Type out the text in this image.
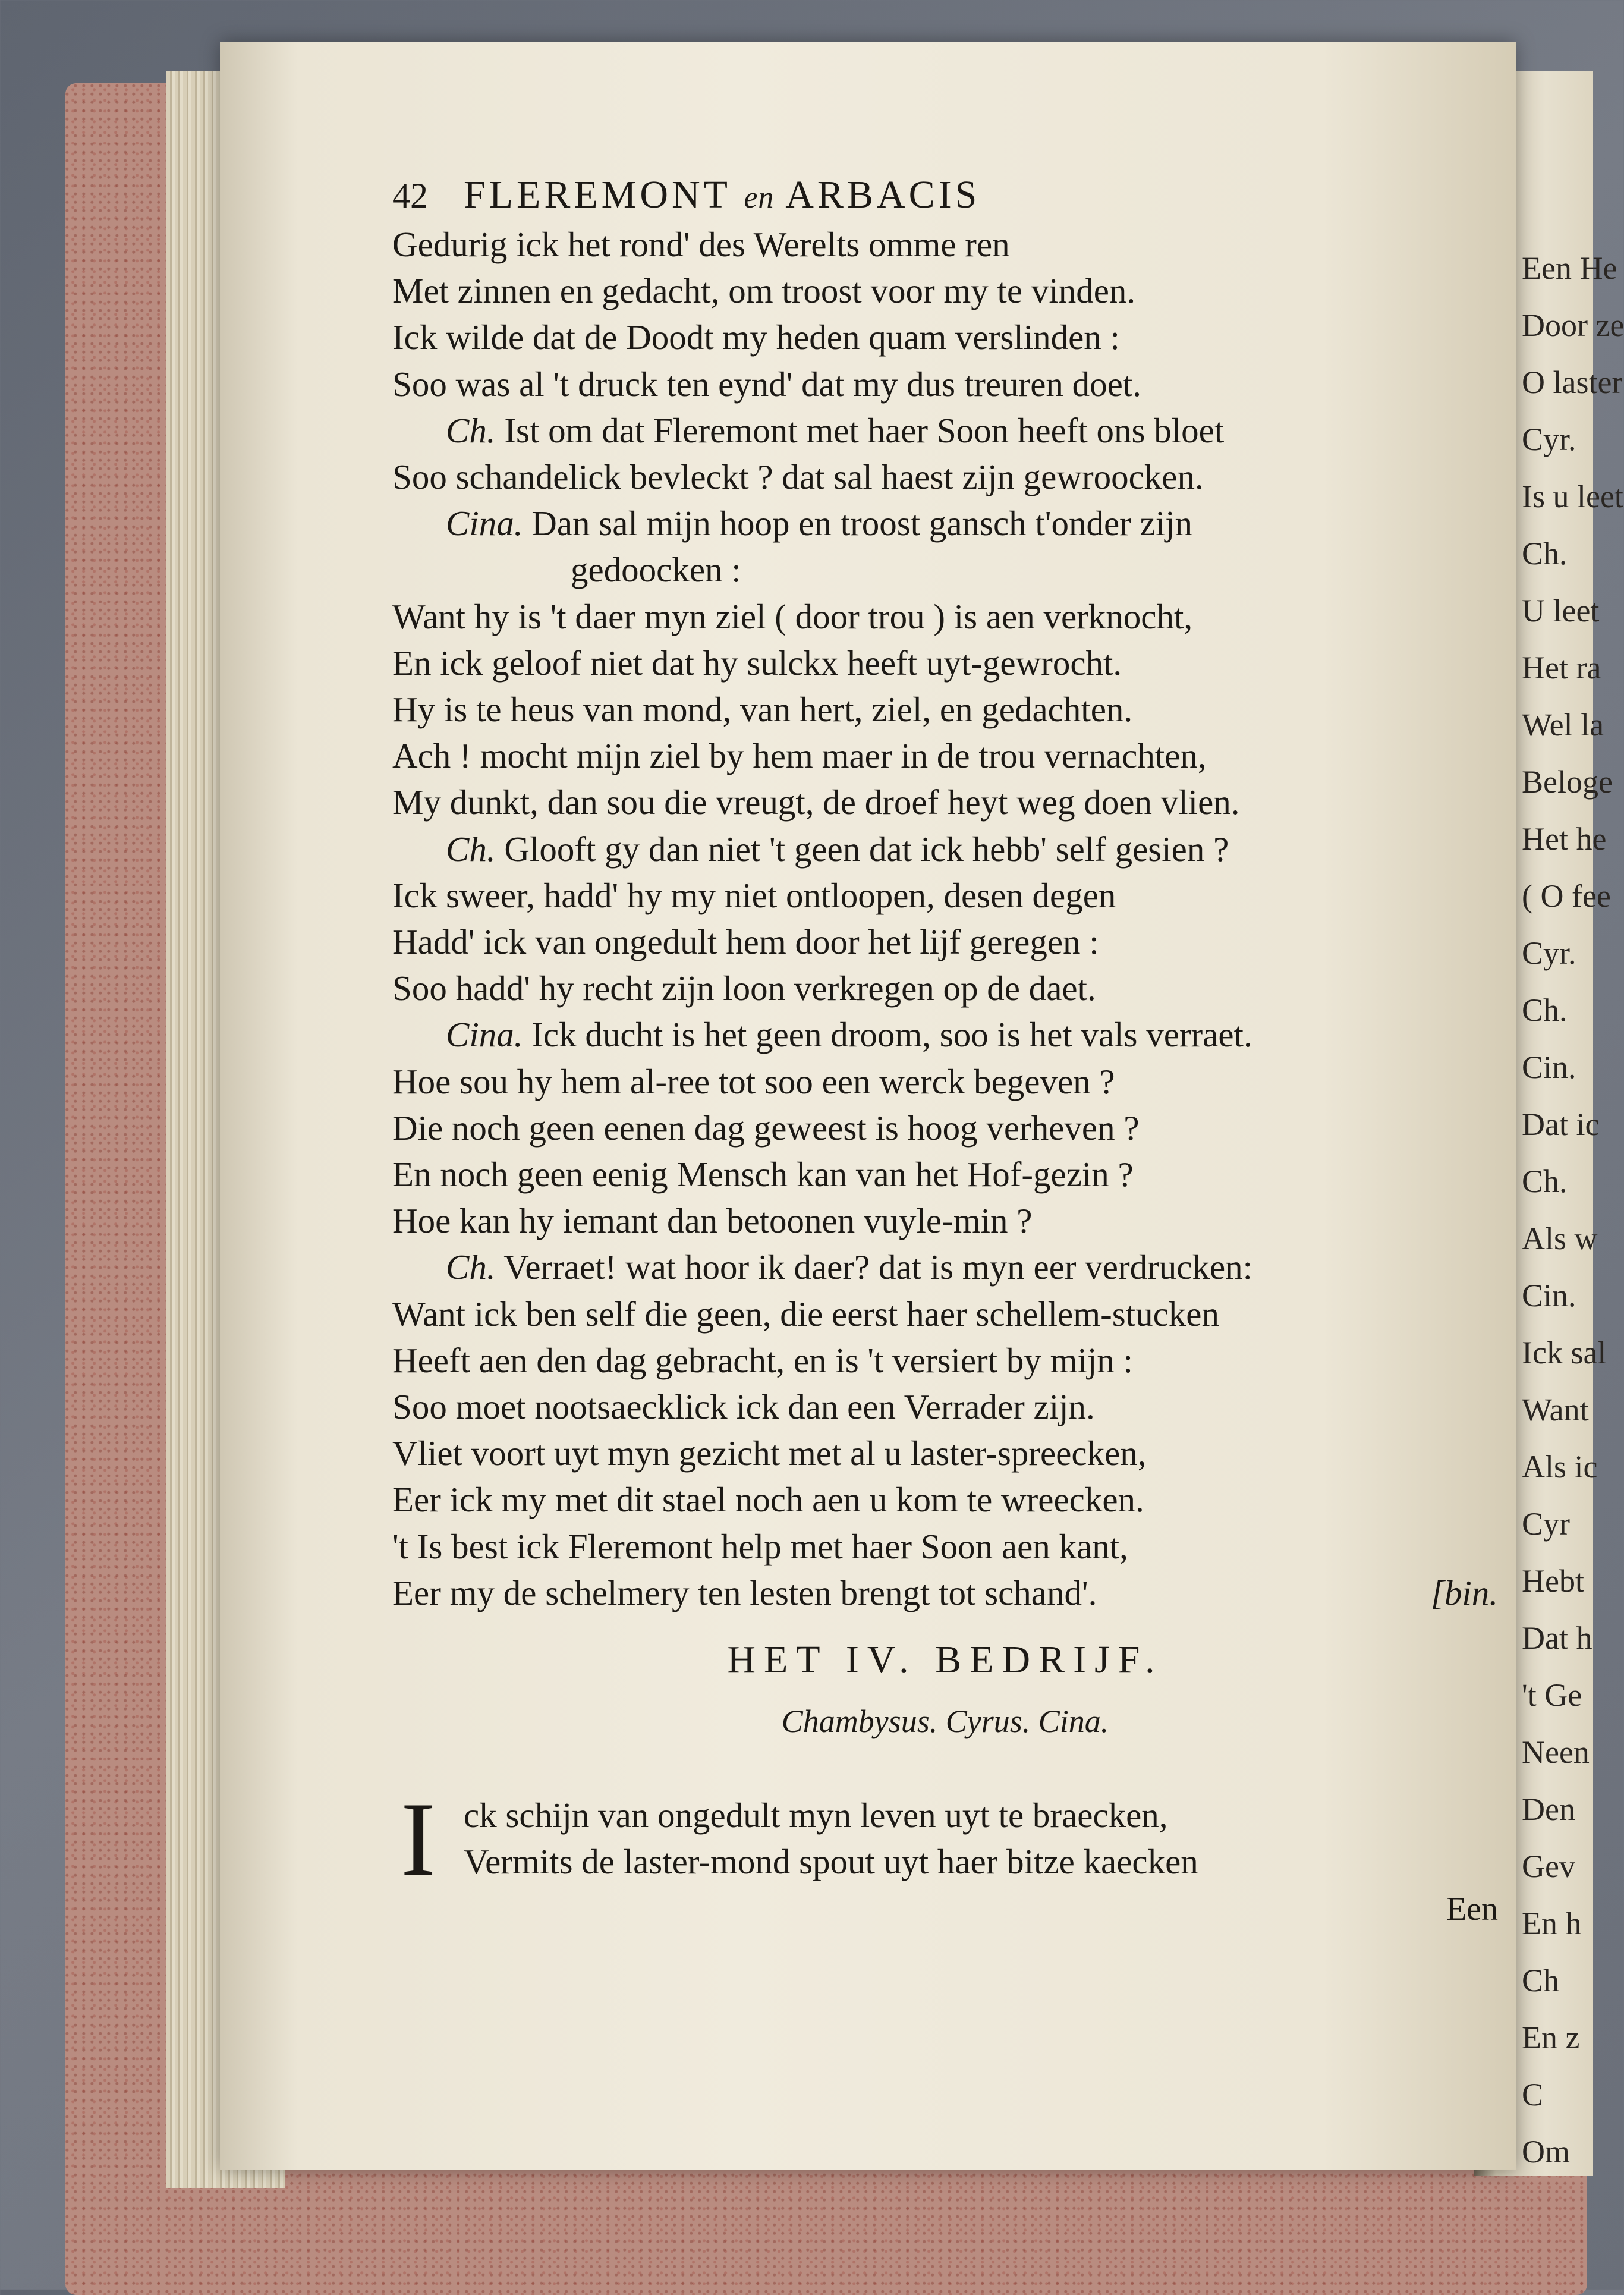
Een He
Door ze
O laster
Cyr.
Is u leet
Ch.
U leet
Het ra
Wel la
Beloge
Het he
( O fee
Cyr.
Ch.
Cin.
Dat ic
Ch.
Als w
Cin.
Ick sal
Want
Als ic
Cyr
Hebt
Dat h
't Ge
Neen
Den
Gev
En h
Ch
En z
C
Om
42 FLEREMONT en ARBACIS
Gedurig ick het rond' des Werelts omme ren
Met zinnen en gedacht, om troost voor my te vinden.
Ick wilde dat de Doodt my heden quam verslinden :
Soo was al 't druck ten eynd' dat my dus treuren doet.
Ch. Ist om dat Fleremont met haer Soon heeft ons bloet
Soo schandelick bevleckt ? dat sal haest zijn gewroocken.
Cina. Dan sal mijn hoop en troost gansch t'onder zijn
gedoocken :
Want hy is 't daer myn ziel ( door trou ) is aen verknocht,
En ick geloof niet dat hy sulckx heeft uyt-gewrocht.
Hy is te heus van mond, van hert, ziel, en gedachten.
Ach ! mocht mijn ziel by hem maer in de trou vernachten,
My dunkt, dan sou die vreugt, de droef heyt weg doen vlien.
Ch. Glooft gy dan niet 't geen dat ick hebb' self gesien ?
Ick sweer, hadd' hy my niet ontloopen, desen degen
Hadd' ick van ongedult hem door het lijf geregen :
Soo hadd' hy recht zijn loon verkregen op de daet.
Cina. Ick ducht is het geen droom, soo is het vals verraet.
Hoe sou hy hem al-ree tot soo een werck begeven ?
Die noch geen eenen dag geweest is hoog verheven ?
En noch geen eenig Mensch kan van het Hof-gezin ?
Hoe kan hy iemant dan betoonen vuyle-min ?
Ch. Verraet! wat hoor ik daer? dat is myn eer verdrucken:
Want ick ben self die geen, die eerst haer schellem-stucken
Heeft aen den dag gebracht, en is 't versiert by mijn :
Soo moet nootsaecklick ick dan een Verrader zijn.
Vliet voort uyt myn gezicht met al u laster-spreecken,
Eer ick my met dit stael noch aen u kom te wreecken.
't Is best ick Fleremont help met haer Soon aen kant,
Eer my de schelmery ten lesten brengt tot schand'.	[bin.
HET IV. BEDRIJF.
Chambysus. Cyrus. Cina.
I ck schijn van ongedult myn leven uyt te braecken,
Vermits de laster-mond spout uyt haer bitze kaecken
Een
